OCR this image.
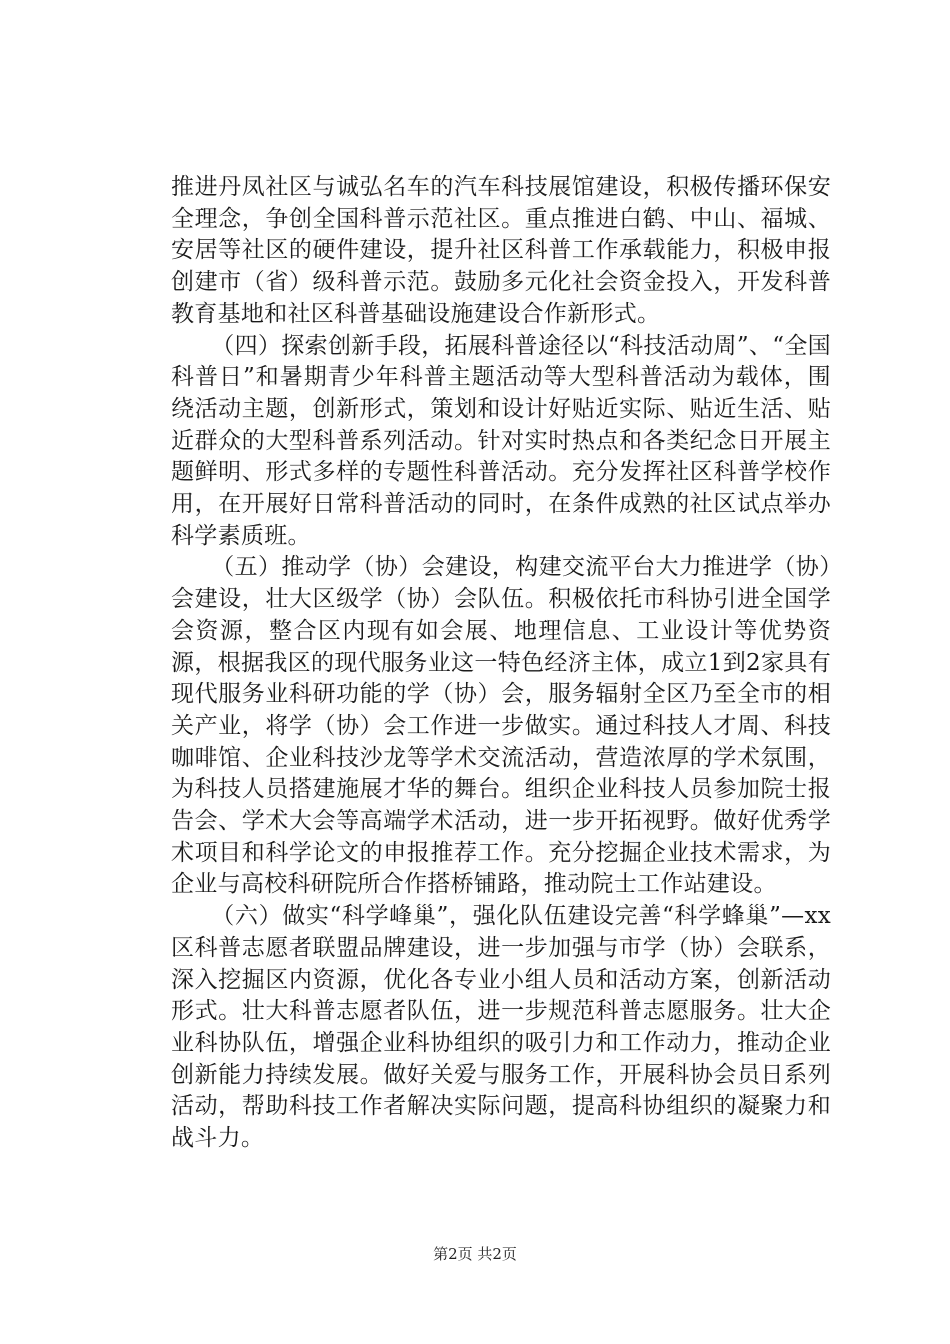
推进丹凤社区与诚弘名车的汽车科技展馆建设，积极传播环保安全理念，争创全国科普示范社区。重点推进白鹤、中山、福城、安居等社区的硬件建设，提升社区科普工作承载能力，积极申报创建市（省）级科普示范。鼓励多元化社会资金投入，开发科普教育基地和社区科普基础设施建设合作新形式。

（四）探索创新手段，拓展科普途径以“科技活动周”、“全国科普日”和暑期青少年科普主题活动等大型科普活动为载体，围绕活动主题，创新形式，策划和设计好贴近实际、贴近生活、贴近群众的大型科普系列活动。针对实时热点和各类纪念日开展主题鲜明、形式多样的专题性科普活动。充分发挥社区科普学校作用，在开展好日常科普活动的同时，在条件成熟的社区试点举办科学素质班。

（五）推动学（协）会建设，构建交流平台大力推进学（协）会建设，壮大区级学（协）会队伍。积极依托市科协引进全国学会资源，整合区内现有如会展、地理信息、工业设计等优势资源，根据我区的现代服务业这一特色经济主体，成立1到2家具有现代服务业科研功能的学（协）会，服务辐射全区乃至全市的相关产业，将学（协）会工作进一步做实。通过科技人才周、科技咖啡馆、企业科技沙龙等学术交流活动，营造浓厚的学术氛围，为科技人员搭建施展才华的舞台。组织企业科技人员参加院士报告会、学术大会等高端学术活动，进一步开拓视野。做好优秀学术项目和科学论文的申报推荐工作。充分挖掘企业技术需求，为企业与高校科研院所合作搭桥铺路，推动院士工作站建设。

（六）做实“科学峰巢”，强化队伍建设完善“科学蜂巢”—xx区科普志愿者联盟品牌建设，进一步加强与市学（协）会联系，深入挖掘区内资源，优化各专业小组人员和活动方案，创新活动形式。壮大科普志愿者队伍，进一步规范科普志愿服务。壮大企业科协队伍，增强企业科协组织的吸引力和工作动力，推动企业创新能力持续发展。做好关爱与服务工作，开展科协会员日系列活动，帮助科技工作者解决实际问题，提高科协组织的凝聚力和战斗力。

第2页 共2页
